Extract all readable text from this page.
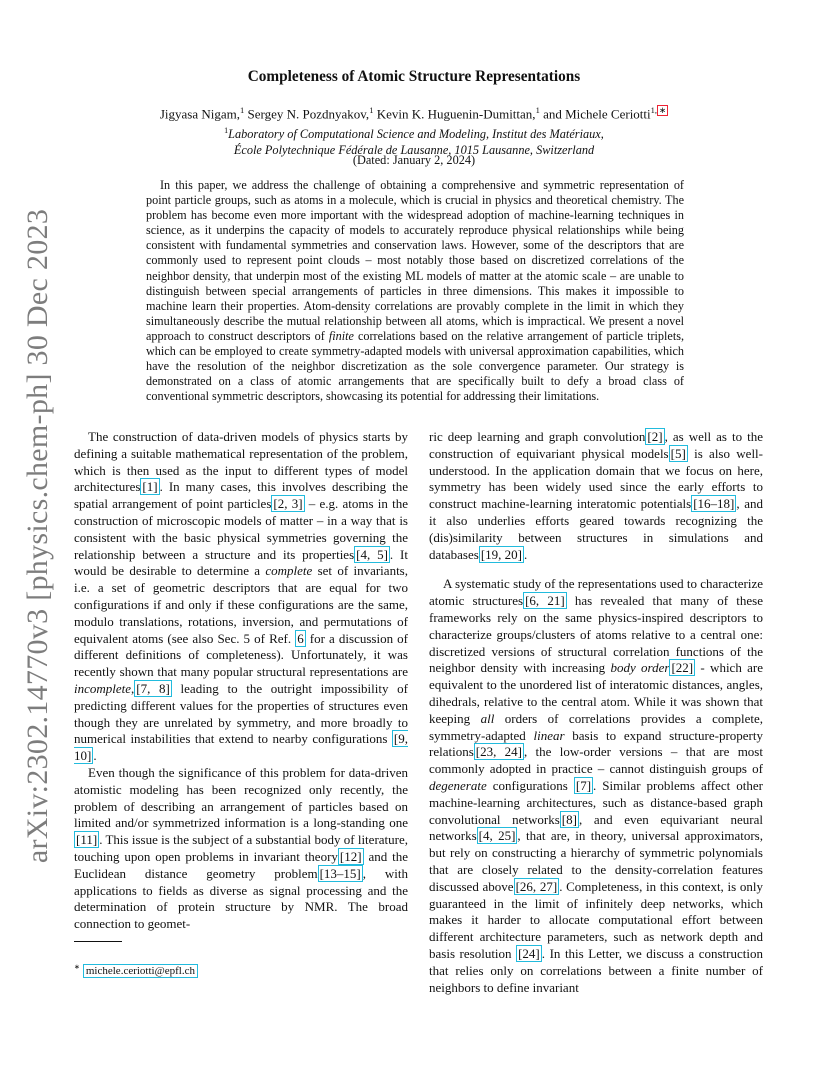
arXiv:2302.14770v3 [physics.chem-ph] 30 Dec 2023
Completeness of Atomic Structure Representations
Jigyasa Nigam,$^1$ Sergey N. Pozdnyakov,$^1$ Kevin K. Huguenin-Dumittan,$^1$ and Michele Ceriotti$^{1,}$ ∗
$^1$Laboratory of Computational Science and Modeling, Institut des Matériaux,
École Polytechnique Fédérale de Lausanne, 1015 Lausanne, Switzerland
(Dated: January 2, 2024)

In this paper, we address the challenge of obtaining a comprehensive and symmetric representation of point particle groups, such as atoms in a molecule, which is crucial in physics and theoretical chemistry. The problem has become even more important with the widespread adoption of machine-learning techniques in science, as it underpins the capacity of models to accurately reproduce physical relationships while being consistent with fundamental symmetries and conservation laws. However, some of the descriptors that are commonly used to represent point clouds – most notably those based on discretized correlations of the neighbor density, that underpin most of the existing ML models of matter at the atomic scale – are unable to distinguish between special arrangements of particles in three dimensions. This makes it impossible to machine learn their properties. Atom-density correlations are provably complete in the limit in which they simultaneously describe the mutual relationship between all atoms, which is impractical. We present a novel approach to construct descriptors of finite correlations based on the relative arrangement of particle triplets, which can be employed to create symmetry-adapted models with universal approximation capabilities, which have the resolution of the neighbor discretization as the sole convergence parameter. Our strategy is demonstrated on a class of atomic arrangements that are specifically built to defy a broad class of conventional symmetric descriptors, showcasing its potential for addressing their limitations.

The construction of data-driven models of physics starts by defining a suitable mathematical representation of the problem, which is then used as the input to different types of model architectures [1] . In many cases, this involves describing the spatial arrangement of point particles [2, 3] – e.g. atoms in the construction of microscopic models of matter – in a way that is consistent with the basic physical symmetries governing the relationship between a structure and its properties [4, 5] . It would be desirable to determine a complete set of invariants, i.e. a set of geometric descriptors that are equal for two configurations if and only if these configurations are the same, modulo translations, rotations, inversion, and permutations of equivalent atoms (see also Sec. 5 of Ref. 6 for a discussion of different definitions of completeness). Unfortunately, it was recently shown that many popular structural representations are incomplete, [7, 8] leading to the outright impossibility of predicting different values for the properties of structures even though they are unrelated by symmetry, and more broadly to numerical instabilities that extend to nearby configurations [9, 10] .

Even though the significance of this problem for data-driven atomistic modeling has been recognized only recently, the problem of describing an arrangement of particles based on limited and/or symmetrized information is a long-standing one [11] . This issue is the subject of a substantial body of literature, touching upon open problems in invariant theory [12] and the Euclidean distance geometry problem [13–15] , with applications to fields as diverse as signal processing and the determination of protein structure by NMR. The broad connection to geomet-

ric deep learning and graph convolution [2] , as well as to the construction of equivariant physical models [5] is also well-understood. In the application domain that we focus on here, symmetry has been widely used since the early efforts to construct machine-learning interatomic potentials [16–18] , and it also underlies efforts geared towards recognizing the (dis)similarity between structures in simulations and databases [19, 20] .

A systematic study of the representations used to characterize atomic structures [6, 21] has revealed that many of these frameworks rely on the same physics-inspired descriptors to characterize groups/clusters of atoms relative to a central one: discretized versions of structural correlation functions of the neighbor density with increasing body order [22] - which are equivalent to the unordered list of interatomic distances, angles, dihedrals, relative to the central atom. While it was shown that keeping all orders of correlations provides a complete, symmetry-adapted linear basis to expand structure-property relations [23, 24] , the low-order versions – that are most commonly adopted in practice – cannot distinguish groups of degenerate configurations [7] . Similar problems affect other machine-learning architectures, such as distance-based graph convolutional networks [8] , and even equivariant neural networks [4, 25] , that are, in theory, universal approximators, but rely on constructing a hierarchy of symmetric polynomials that are closely related to the density-correlation features discussed above [26, 27] . Completeness, in this context, is only guaranteed in the limit of infinitely deep networks, which makes it harder to allocate computational effort between different architecture parameters, such as network depth and basis resolution [24] . In this Letter, we discuss a construction that relies only on correlations between a finite number of neighbors to define invariant

∗ michele.ceriotti@epfl.ch
